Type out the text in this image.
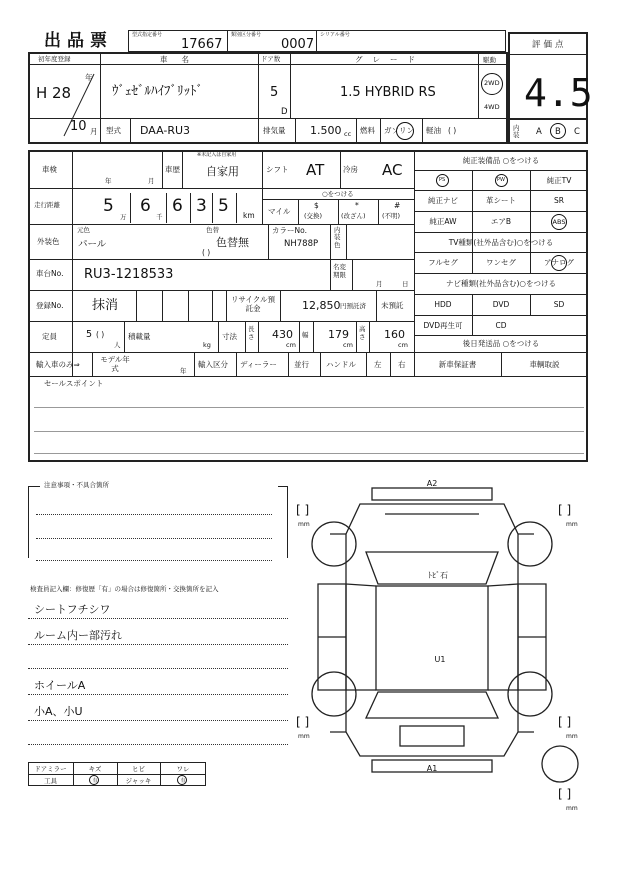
出品票	型式指定番号
17667
類別区分番号
0007
シリアル番号
評価点
4.5
初年度登録
H 28
年
10 月
車名
ｳﾞｪｾﾞﾙﾊｲﾌﾞﾘｯﾄﾞ
ドア数
5
D
グレード
1.5 HYBRID RS
駆動
2WD
4WD
型式 DAA-RU3	排気量 1.500 cc 燃料 ガソリン 軽油 ( )	内装 A B C
車検
年	月
車歴
※未記入は自家用
自家用	シフト AT 冷房 AC
走行距離	5
万
6
千
6 3 5 km
○をつける
マイル
$
(交換)
*
(改ざん)
#
(不明)
外装色
元色
パール
色替
色替無
( )
カラーNo.
NH788P
内装色
車台No. RU3-1218533	名変期限
月	日
登録No. 抹消	リサイクル預託金	12,850 円預託済 未預託
定員	5 ( )
人
積載量
kg
寸法
長さ 430
cm
幅 179
cm
高さ 160
cm
輸入車のみ⇒
モデル年式	年
輸入区分 ディーラー 並行 ハンドル 左 右
セールスポイント
純正装備品 ○をつける
PS	PW	純正TV
純正ナビ	革シート	SR
純正AW	エアB	ABS
TV種類(社外品含む)○をつける
フルセグ	ワンセグ	アナログ
ナビ種類(社外品含む)○をつける
HDD	DVD	SD
DVD再生可	CD
後日発送品 ○をつける
新車保証書	車輌取説
注意事項・不具合箇所
検査員記入欄：修復歴「有」の場合は修復箇所・交換箇所を記入
シートフチシワ
ルーム内ー部汚れ
ホイールA
小A、小U
ドアミラー	キズ	ヒビ	ワレ
工具	有	ジャッキ	有
A2
A1
U1
ﾄﾋﾞ石
[ ]	[ ]
[ ]	[ ]
[ ]
mm	mm
mm	mm
mm
